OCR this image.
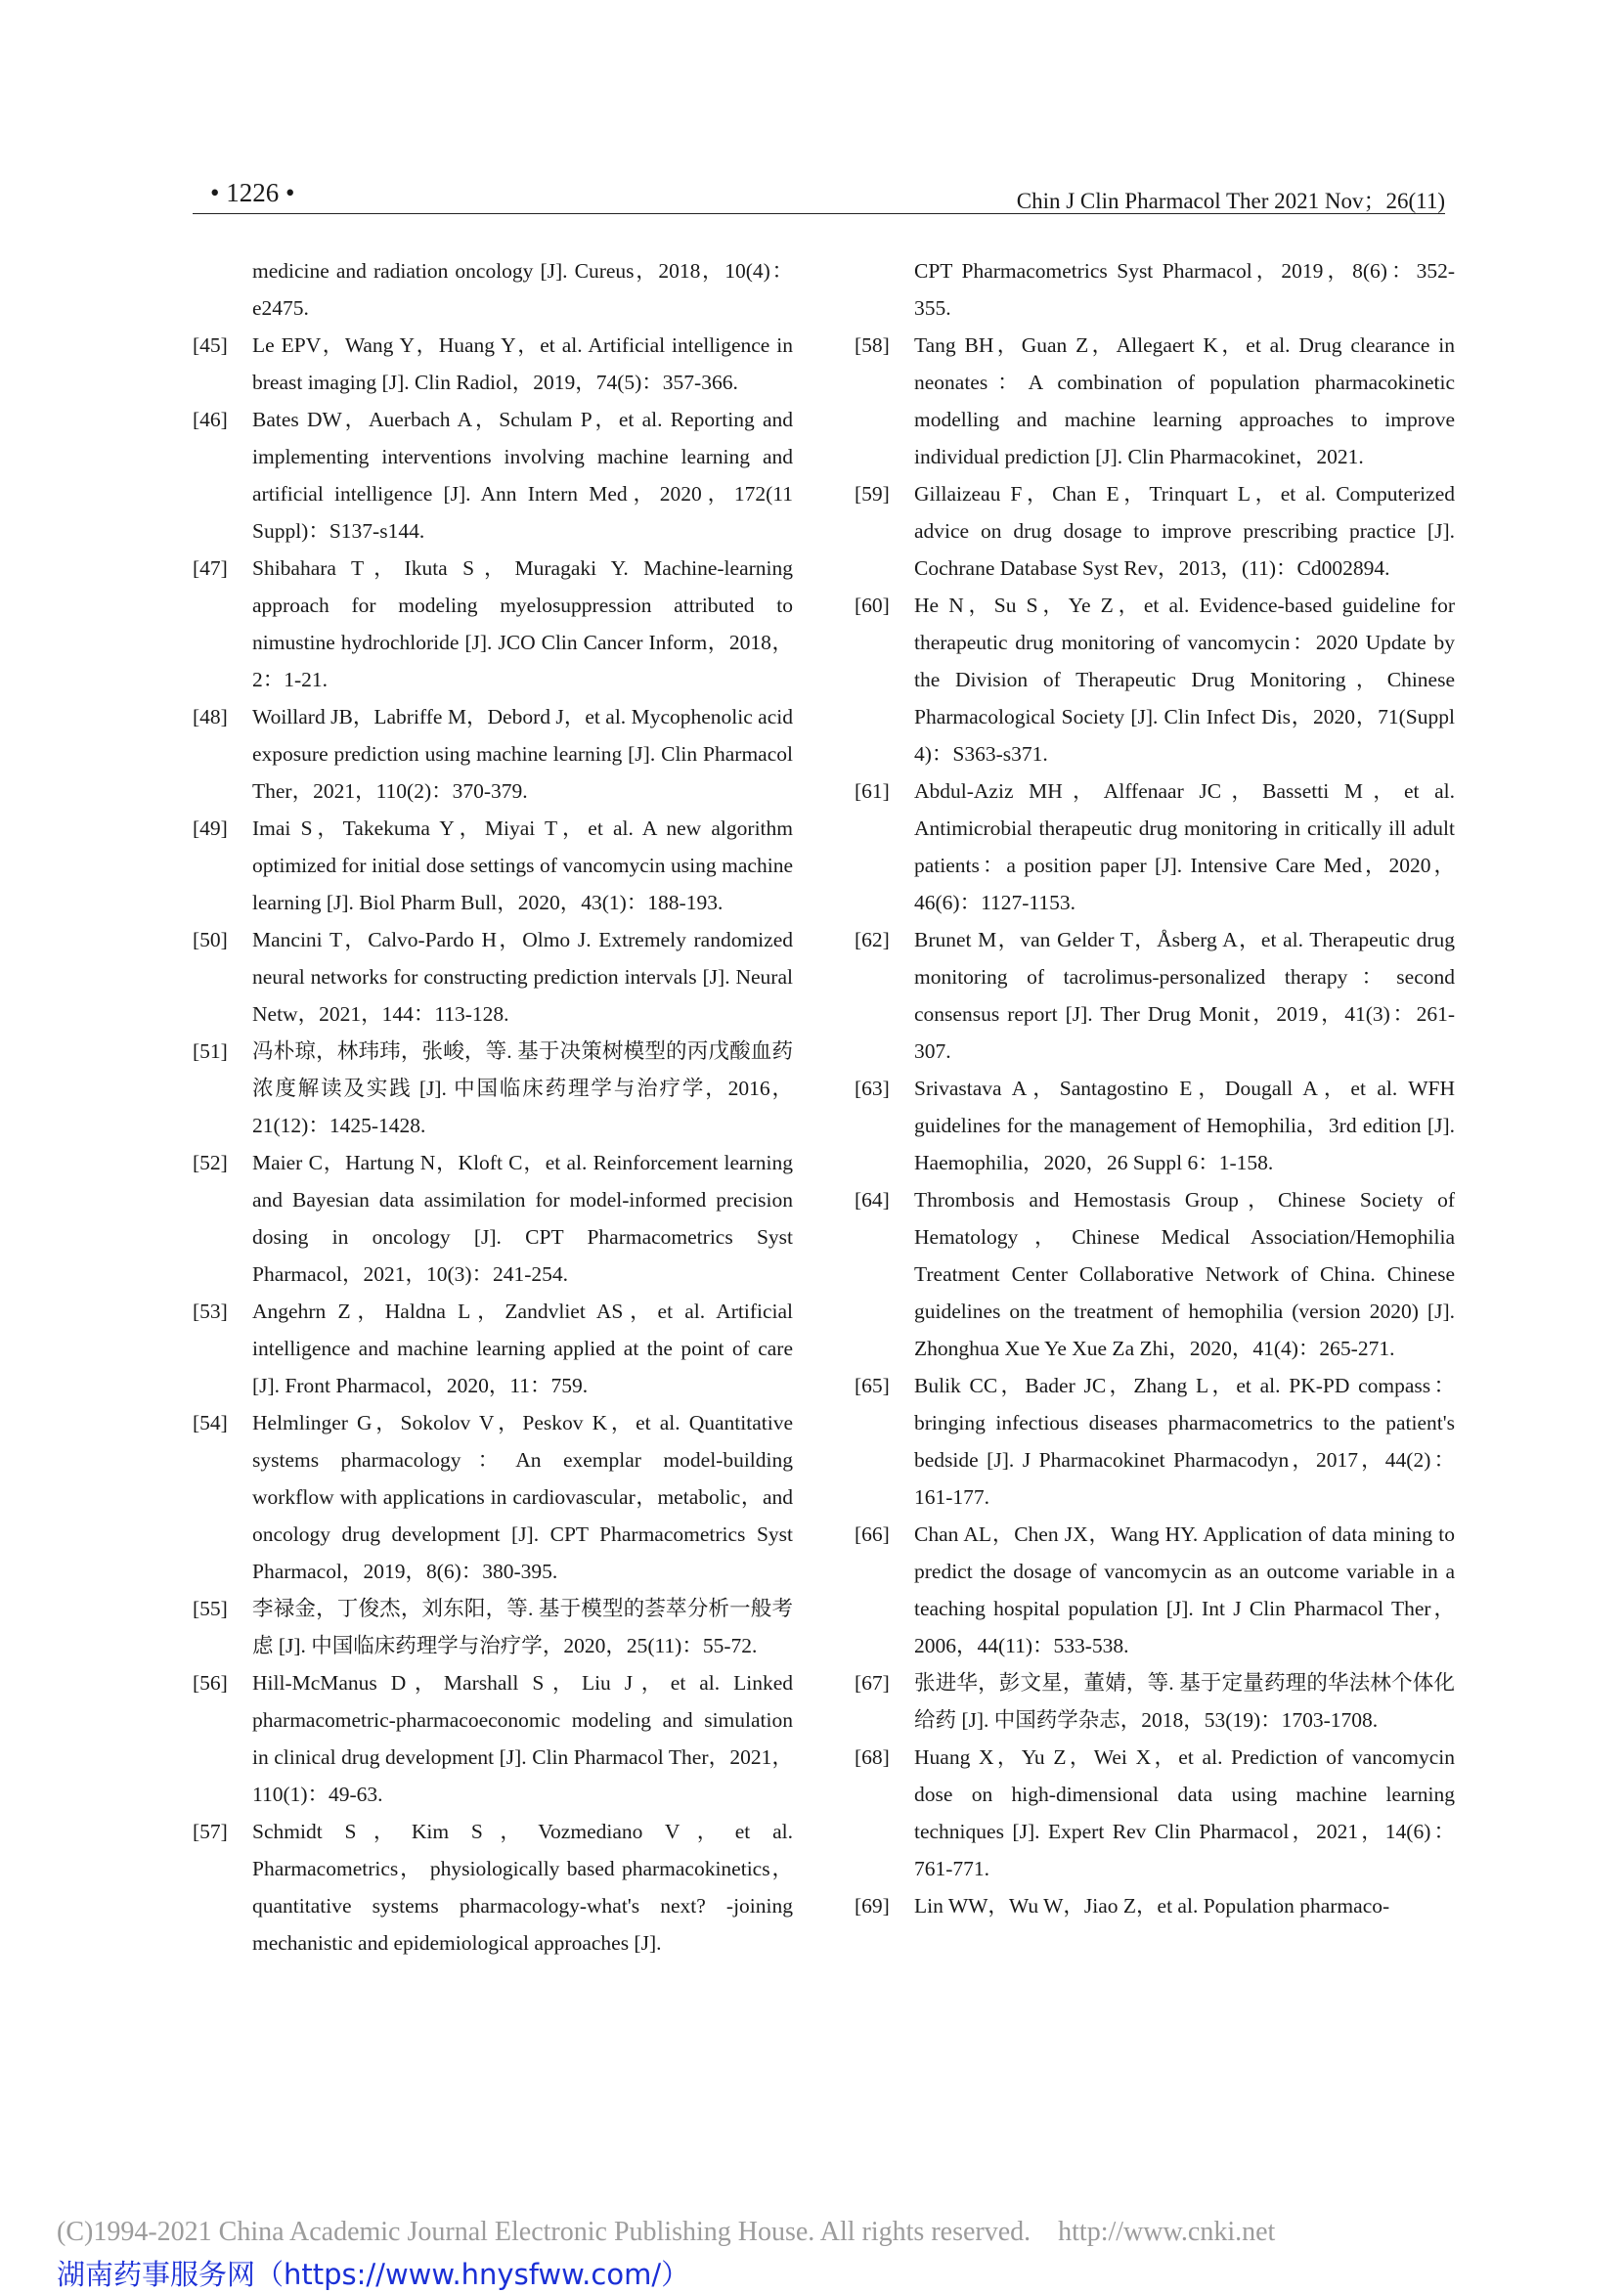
• 1226 •	Chin J Clin Pharmacol Ther 2021 Nov；26(11)
medicine and radiation oncology [J]. Cureus，2018，10(4)：e2475.
[45] Le EPV，Wang Y，Huang Y，et al. Artificial intelligence in breast imaging [J]. Clin Radiol，2019，74(5)：357-366.
[46] Bates DW，Auerbach A，Schulam P，et al. Reporting and implementing interventions involving machine learning and artificial intelligence [J]. Ann Intern Med，2020，172(11 Suppl)：S137-s144.
[47] Shibahara T，Ikuta S，Muragaki Y. Machine-learning approach for modeling myelosuppression attributed to nimustine hydrochloride [J]. JCO Clin Cancer Inform，2018，2：1-21.
[48] Woillard JB，Labriffe M，Debord J，et al. Mycophenolic acid exposure prediction using machine learning [J]. Clin Pharmacol Ther，2021，110(2)：370-379.
[49] Imai S，Takekuma Y，Miyai T，et al. A new algorithm optimized for initial dose settings of vancomycin using machine learning [J]. Biol Pharm Bull，2020，43(1)：188-193.
[50] Mancini T，Calvo-Pardo H，Olmo J. Extremely randomized neural networks for constructing prediction intervals [J]. Neural Netw，2021，144：113-128.
[51] 冯朴琼，林玮玮，张峻，等. 基于决策树模型的丙戊酸血药浓度解读及实践 [J]. 中国临床药理学与治疗学，2016，21(12)：1425-1428.
[52] Maier C，Hartung N，Kloft C，et al. Reinforcement learning and Bayesian data assimilation for model-informed precision dosing in oncology [J]. CPT Pharmacometrics Syst Pharmacol，2021，10(3)：241-254.
[53] Angehrn Z，Haldna L，Zandvliet AS，et al. Artificial intelligence and machine learning applied at the point of care [J]. Front Pharmacol，2020，11：759.
[54] Helmlinger G，Sokolov V，Peskov K，et al. Quantitative systems pharmacology：An exemplar model-building workflow with applications in cardiovascular，metabolic，and oncology drug development [J]. CPT Pharmacometrics Syst Pharmacol，2019，8(6)：380-395.
[55] 李禄金，丁俊杰，刘东阳，等. 基于模型的荟萃分析一般考虑 [J]. 中国临床药理学与治疗学，2020，25(11)：55-72.
[56] Hill-McManus D，Marshall S，Liu J，et al. Linked pharmacometric-pharmacoeconomic modeling and simulation in clinical drug development [J]. Clin Pharmacol Ther，2021，110(1)：49-63.
[57] Schmidt S，Kim S，Vozmediano V，et al. Pharmacometrics， physiologically based pharmacokinetics，quantitative systems pharmacology-what's next? -joining mechanistic and epidemiological approaches [J].
CPT Pharmacometrics Syst Pharmacol，2019，8(6)：352-355.
[58] Tang BH，Guan Z，Allegaert K，et al. Drug clearance in neonates：A combination of population pharmacokinetic modelling and machine learning approaches to improve individual prediction [J]. Clin Pharmacokinet，2021.
[59] Gillaizeau F，Chan E，Trinquart L，et al. Computerized advice on drug dosage to improve prescribing practice [J]. Cochrane Database Syst Rev，2013，(11)：Cd002894.
[60] He N，Su S，Ye Z，et al. Evidence-based guideline for therapeutic drug monitoring of vancomycin：2020 Update by the Division of Therapeutic Drug Monitoring，Chinese Pharmacological Society [J]. Clin Infect Dis，2020，71(Suppl 4)：S363-s371.
[61] Abdul-Aziz MH，Alffenaar JC，Bassetti M，et al. Antimicrobial therapeutic drug monitoring in critically ill adult patients：a position paper [J]. Intensive Care Med，2020，46(6)：1127-1153.
[62] Brunet M，van Gelder T，Åsberg A，et al. Therapeutic drug monitoring of tacrolimus-personalized therapy：second consensus report [J]. Ther Drug Monit，2019，41(3)：261-307.
[63] Srivastava A，Santagostino E，Dougall A，et al. WFH guidelines for the management of Hemophilia，3rd edition [J]. Haemophilia，2020，26 Suppl 6：1-158.
[64] Thrombosis and Hemostasis Group，Chinese Society of Hematology，Chinese Medical Association/Hemophilia Treatment Center Collaborative Network of China. Chinese guidelines on the treatment of hemophilia (version 2020) [J]. Zhonghua Xue Ye Xue Za Zhi，2020，41(4)：265-271.
[65] Bulik CC，Bader JC，Zhang L，et al. PK-PD compass：bringing infectious diseases pharmacometrics to the patient's bedside [J]. J Pharmacokinet Pharmacodyn，2017，44(2)：161-177.
[66] Chan AL，Chen JX，Wang HY. Application of data mining to predict the dosage of vancomycin as an outcome variable in a teaching hospital population [J]. Int J Clin Pharmacol Ther，2006，44(11)：533-538.
[67] 张进华，彭文星，董婧，等. 基于定量药理的华法林个体化给药 [J]. 中国药学杂志，2018，53(19)：1703-1708.
[68] Huang X，Yu Z，Wei X，et al. Prediction of vancomycin dose on high-dimensional data using machine learning techniques [J]. Expert Rev Clin Pharmacol，2021，14(6)：761-771.
[69] Lin WW，Wu W，Jiao Z，et al. Population pharmaco-
(C)1994-2021 China Academic Journal Electronic Publishing House. All rights reserved. http://www.cnki.net
湖南药事服务网（https://www.hnysfww.com/）
